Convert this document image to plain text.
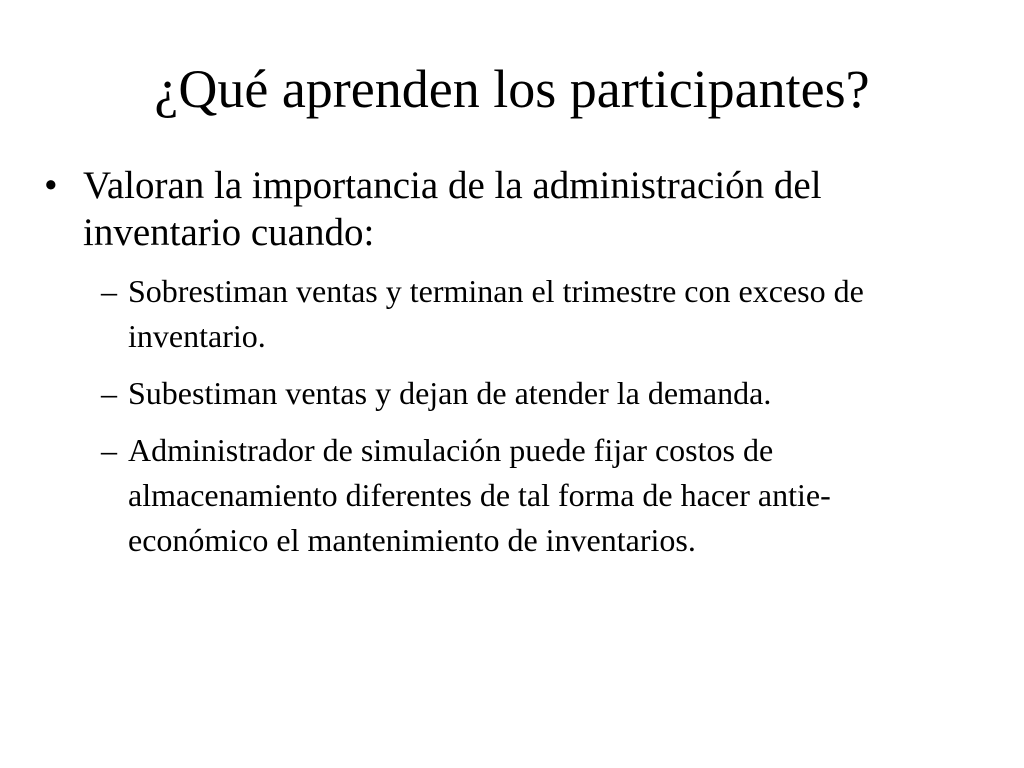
¿Qué aprenden los participantes?
• Valoran la importancia de la administración del inventario cuando:
– Sobrestiman ventas y terminan el trimestre con exceso de inventario.
– Subestiman ventas y dejan de atender la demanda.
– Administrador de simulación puede fijar costos de almacenamiento diferentes de tal forma de hacer antie-económico el mantenimiento de inventarios.
